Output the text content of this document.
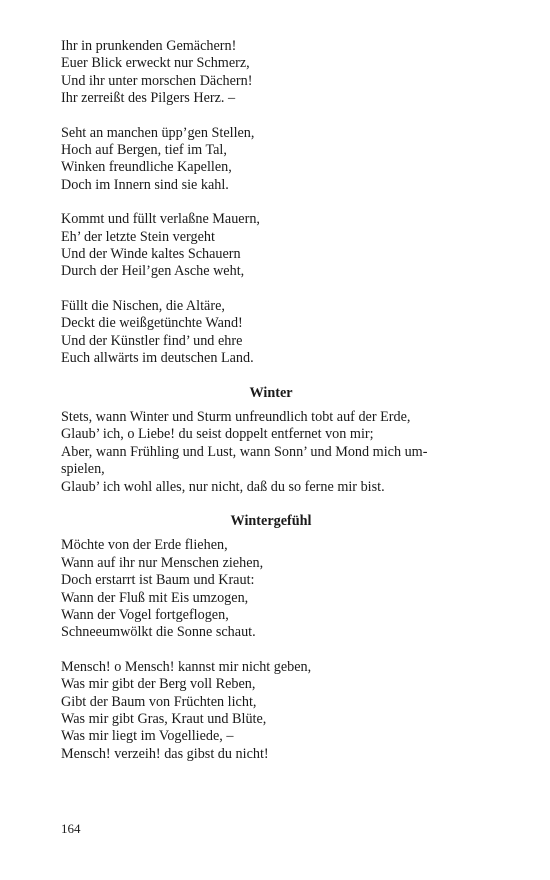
Ihr in prunkenden Gemächern!
Euer Blick erweckt nur Schmerz,
Und ihr unter morschen Dächern!
Ihr zerreißt des Pilgers Herz. –
Seht an manchen üpp’gen Stellen,
Hoch auf Bergen, tief im Tal,
Winken freundliche Kapellen,
Doch im Innern sind sie kahl.
Kommt und füllt verlaßne Mauern,
Eh’ der letzte Stein vergeht
Und der Winde kaltes Schauern
Durch der Heil’gen Asche weht,
Füllt die Nischen, die Altäre,
Deckt die weißgetünchte Wand!
Und der Künstler find’ und ehre
Euch allwärts im deutschen Land.
Winter
Stets, wann Winter und Sturm unfreundlich tobt auf der Erde,
Glaub’ ich, o Liebe! du seist doppelt entfernet von mir;
Aber, wann Frühling und Lust, wann Sonn’ und Mond mich um-
spielen,
Glaub’ ich wohl alles, nur nicht, daß du so ferne mir bist.
Wintergefühl
Möchte von der Erde fliehen,
Wann auf ihr nur Menschen ziehen,
Doch erstarrt ist Baum und Kraut:
Wann der Fluß mit Eis umzogen,
Wann der Vogel fortgeflogen,
Schneeumwölkt die Sonne schaut.
Mensch! o Mensch! kannst mir nicht geben,
Was mir gibt der Berg voll Reben,
Gibt der Baum von Früchten licht,
Was mir gibt Gras, Kraut und Blüte,
Was mir liegt im Vogelliede, –
Mensch! verzeih! das gibst du nicht!
164
